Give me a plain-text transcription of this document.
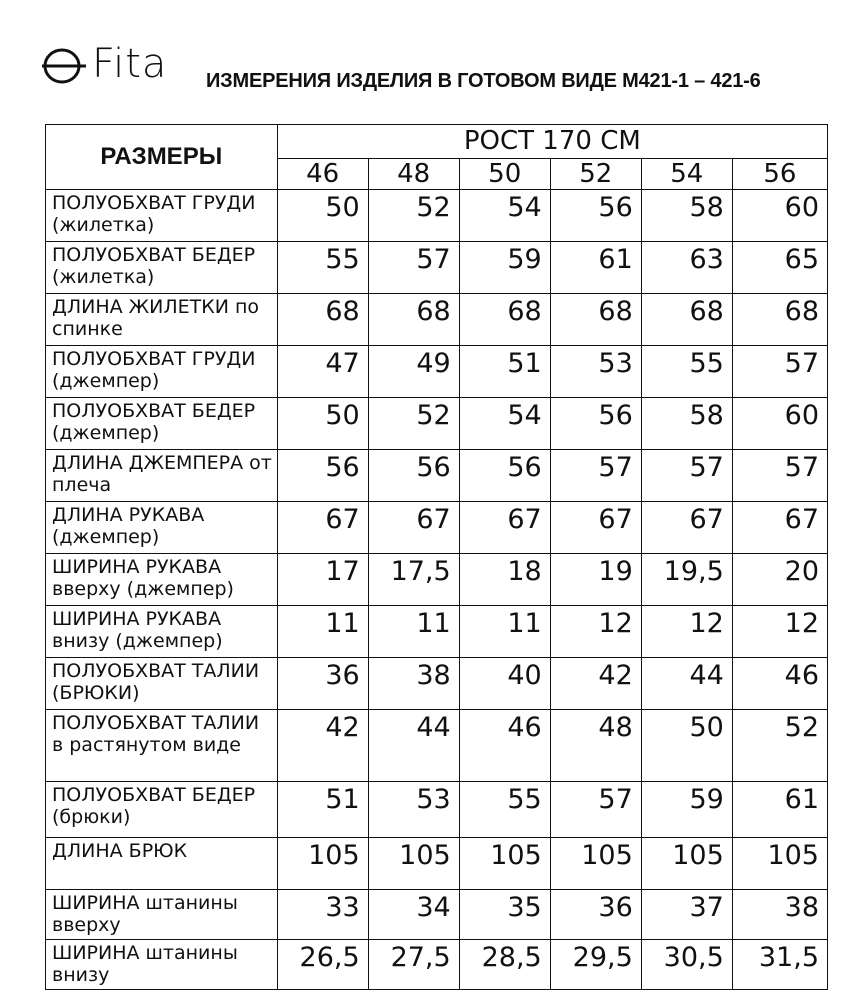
Fita ИЗМЕРЕНИЯ ИЗДЕЛИЯ В ГОТОВОМ ВИДЕ М421-1 – 421-6
РАЗМЕРЫ	РОСТ 170 СМ					
	46	48	50	52	54	56
ПОЛУОБХВАТ ГРУДИ (жилетка)	50	52	54	56	58	60
ПОЛУОБХВАТ БЕДЕР (жилетка)	55	57	59	61	63	65
ДЛИНА ЖИЛЕТКИ по спинке	68	68	68	68	68	68
ПОЛУОБХВАТ ГРУДИ (джемпер)	47	49	51	53	55	57
ПОЛУОБХВАТ БЕДЕР (джемпер)	50	52	54	56	58	60
ДЛИНА ДЖЕМПЕРА от плеча	56	56	56	57	57	57
ДЛИНА РУКАВА (джемпер)	67	67	67	67	67	67
ШИРИНА РУКАВА вверху (джемпер)	17	17,5	18	19	19,5	20
ШИРИНА РУКАВА внизу (джемпер)	11	11	11	12	12	12
ПОЛУОБХВАТ ТАЛИИ (БРЮКИ)	36	38	40	42	44	46
ПОЛУОБХВАТ ТАЛИИ в растянутом виде	42	44	46	48	50	52
ПОЛУОБХВАТ БЕДЕР (брюки)	51	53	55	57	59	61
ДЛИНА БРЮК	105	105	105	105	105	105
ШИРИНА штанины вверху	33	34	35	36	37	38
ШИРИНА штанины внизу	26,5	27,5	28,5	29,5	30,5	31,5
